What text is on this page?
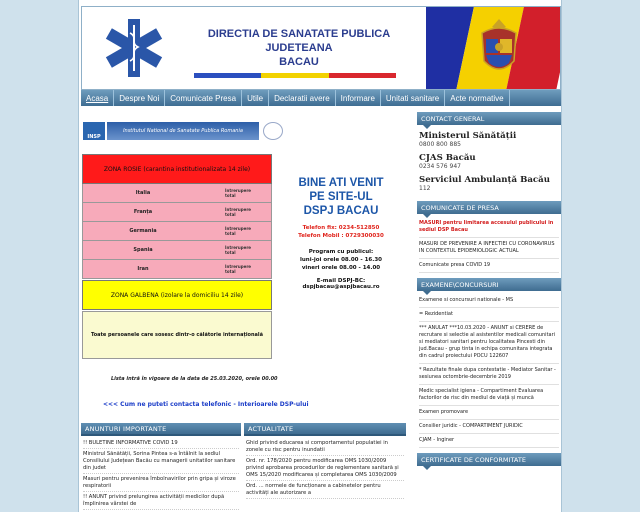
DIRECTIA DE SANATATE PUBLICA JUDETEANA
BACAU
Acasa	Despre Noi	Comunicate Presa	Utile	Declaratii avere	Informare	Unitati sanitare	Acte normative
INSP
Institutul National de Sanatate Publica Romania
ZONA ROSIE (carantina institutionalizata 14 zile)
Italia	Intrerupere
total
Franța	Intrerupere
total
Germania	Intrerupere
total
Spania	Intrerupere
total
Iran	Intrerupere
total
ZONA GALBENA (izolare la domiciliu 14 zile)
Toate persoanele care sosesc dintr-o călătorie internațională
Lista intră în vigoare de la data de 25.03.2020, orele 00.00
BINE ATI VENIT
PE SITE-UL
DSPJ BACAU
Telefon fix: 0234-512850
Telefon Mobil : 0729300030
Program cu publicul:
luni-joi orele 08.00 - 16.30
vineri orele 08.00 - 14.00
E-mail DSPJ-BC: dspjbacau@aspjbacau.ro
<<< Cum ne puteti contacta telefonic - Interioarele DSP-ului
ANUNTURI IMPORTANTE
!! BULETINE INFORMATIVE COVID 19
Ministrul Sănătății, Sorina Pintea s-a întâlnit la sediul Consiliului Județean Bacău cu managerii unitatilor sanitare din judet
Masuri pentru prevenirea îmbolnavirilor prin gripa și viroze respiratorii
!! ANUNT privind prelungirea activității medicilor după împlinirea vârstei de
ACTUALITATE
Ghid privind educarea si comportamentul populatiei in zonele cu risc pentru inundatii
Ord. nr. 178/2020 pentru modificarea OMS 1030/2009 privind aprobarea procedurilor de reglementare sanitară și OMS 15/2020 modificarea și completarea OMS 1030/2009
Ord. ... normele de funcționare a cabinetelor pentru activități ale autorizare a
CONTACT GENERAL
Ministerul Sănătății
0800 800 885
CJAS Bacău
0234 576 947
Serviciul Ambulanță Bacău
112
COMUNICATE DE PRESA
MASURI pentru limitarea accesului publicului in sediul DSP Bacau
MASURI DE PREVENIRE A INFECTIEI CU CORONAVIRUS IN CONTEXTUL EPIDEMIOLOGIC ACTUAL
Comunicate presa COVID 19
EXAMENE\CONCURSURI
Examene si concursuri nationale - MS
= Rezidentiat
*** ANULAT ***10.03.2020 - ANUNT si CERERE de recrutare si selectie al asistentilor medicali comunitari si mediatori sanitari pentru localitatea Pincesti din jud.Bacau - grup tinta in echipa comunitara integrata din cadrul proiectului POCU 122607
* Rezultate finale dupa contestatie - Mediator Sanitar - sesiunea octombrie-decembrie 2019
Medic specialist igiena - Compartiment Evaluarea factorilor de risc din mediul de viață și muncă
Examen promovare
Consilier juridic - COMPARTIMENT JURIDIC
CJAM - Inginer
CERTIFICATE DE CONFORMITATE
